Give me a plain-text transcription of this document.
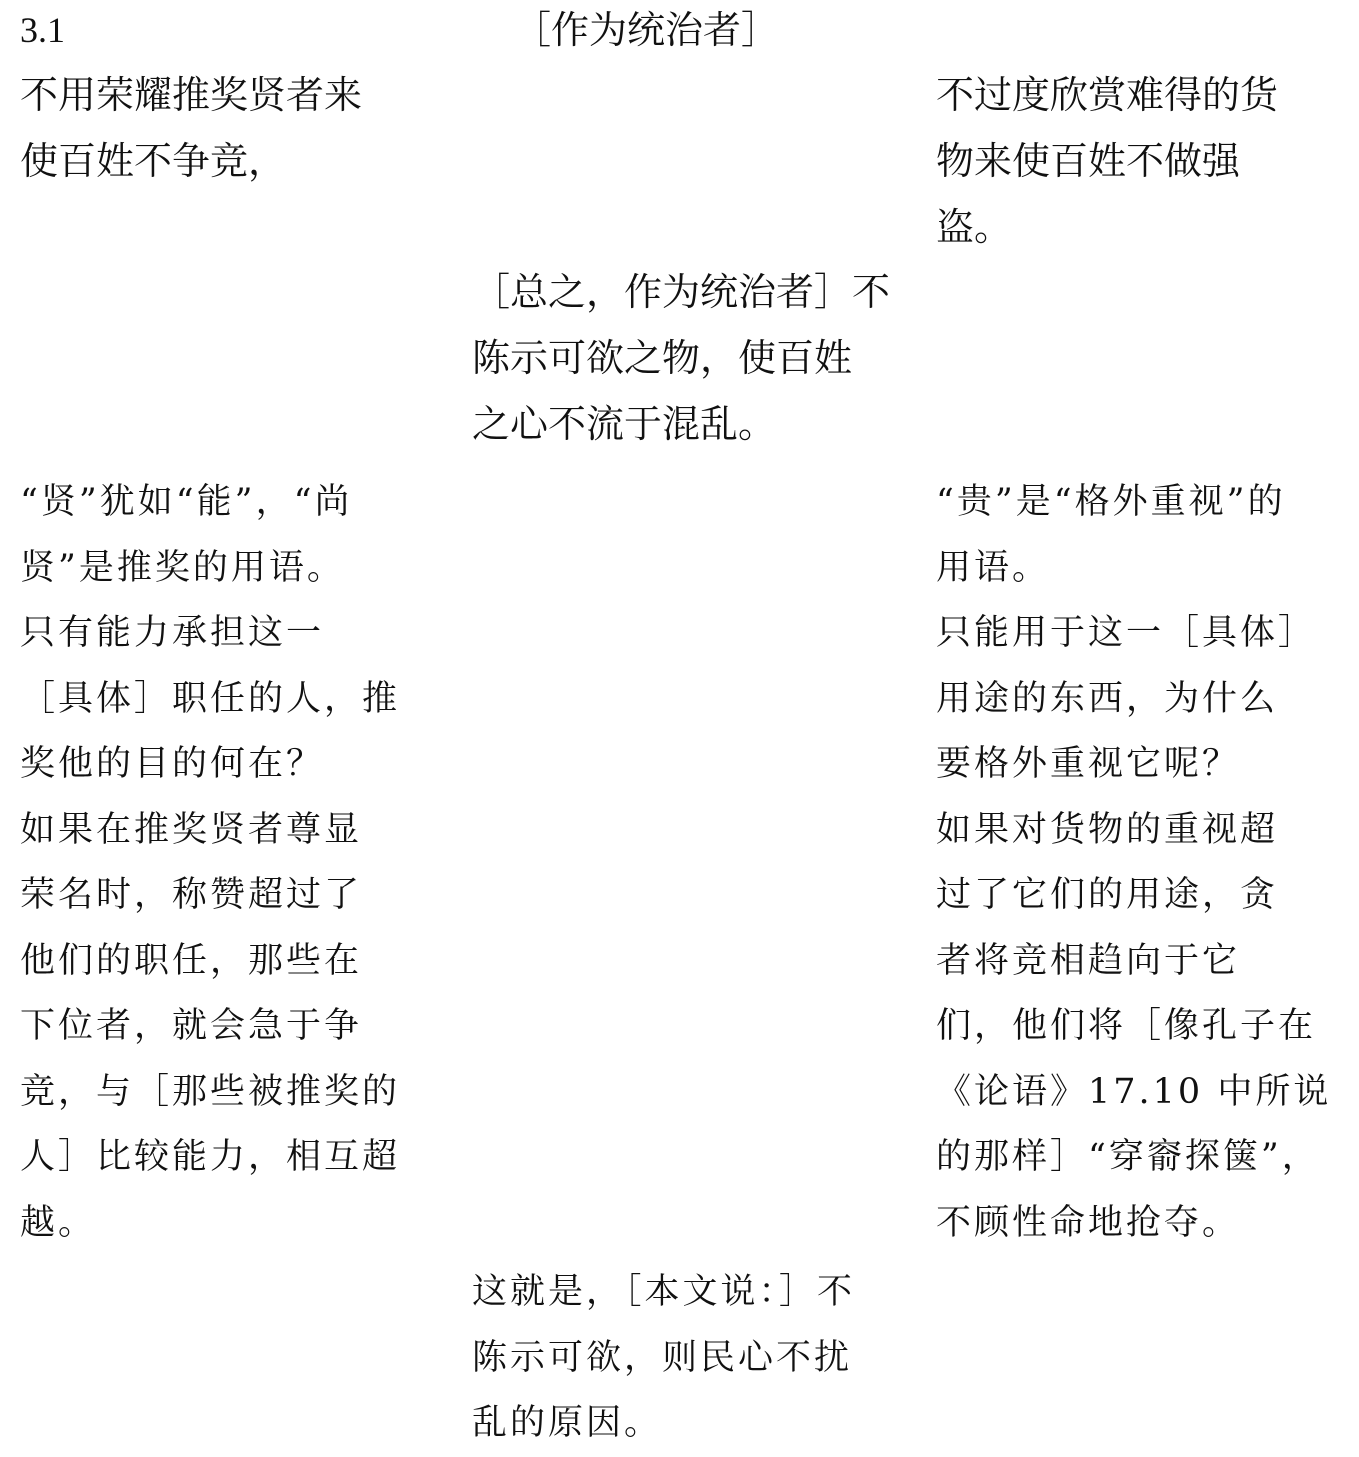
3.1	［作为统治者］
不用荣耀推奖贤者来
使百姓不争竞，
不过度欣赏难得的货
物来使百姓不做强
盗。
［总之，作为统治者］不
陈示可欲之物，使百姓
之心不流于混乱。
“贤”犹如“能”，“尚
贤”是推奖的用语。
只有能力承担这一
［具体］职任的人，推
奖他的目的何在？
如果在推奖贤者尊显
荣名时，称赞超过了
他们的职任，那些在
下位者，就会急于争
竞，与［那些被推奖的
人］比较能力，相互超
越。
“贵”是“格外重视”的
用语。
只能用于这一［具体］
用途的东西，为什么
要格外重视它呢？
如果对货物的重视超
过了它们的用途，贪
者将竞相趋向于它
们，他们将［像孔子在
《论语》17.10 中所说
的那样］“穿窬探箧”，
不顾性命地抢夺。
这就是，［本文说：］不
陈示可欲，则民心不扰
乱的原因。
